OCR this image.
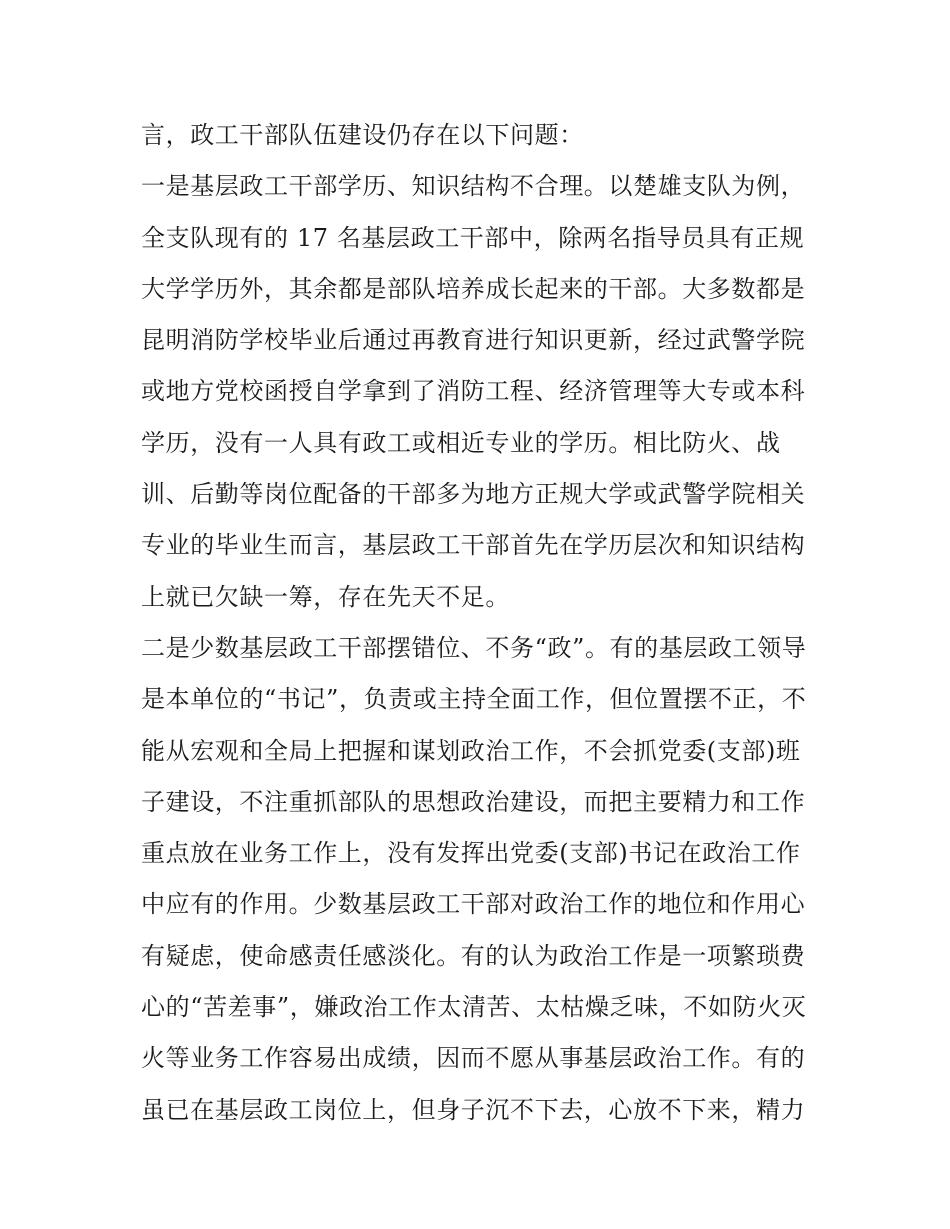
言，政工干部队伍建设仍存在以下问题：
一是基层政工干部学历、知识结构不合理。以楚雄支队为例，
全支队现有的 17 名基层政工干部中，除两名指导员具有正规
大学学历外，其余都是部队培养成长起来的干部。大多数都是
昆明消防学校毕业后通过再教育进行知识更新，经过武警学院
或地方党校函授自学拿到了消防工程、经济管理等大专或本科
学历，没有一人具有政工或相近专业的学历。相比防火、战
训、后勤等岗位配备的干部多为地方正规大学或武警学院相关
专业的毕业生而言，基层政工干部首先在学历层次和知识结构
上就已欠缺一筹，存在先天不足。
二是少数基层政工干部摆错位、不务“政”。有的基层政工领导
是本单位的“书记”，负责或主持全面工作，但位置摆不正，不
能从宏观和全局上把握和谋划政治工作，不会抓党委(支部)班
子建设，不注重抓部队的思想政治建设，而把主要精力和工作
重点放在业务工作上，没有发挥出党委(支部)书记在政治工作
中应有的作用。少数基层政工干部对政治工作的地位和作用心
有疑虑，使命感责任感淡化。有的认为政治工作是一项繁琐费
心的“苦差事”，嫌政治工作太清苦、太枯燥乏味，不如防火灭
火等业务工作容易出成绩，因而不愿从事基层政治工作。有的
虽已在基层政工岗位上，但身子沉不下去，心放不下来，精力
